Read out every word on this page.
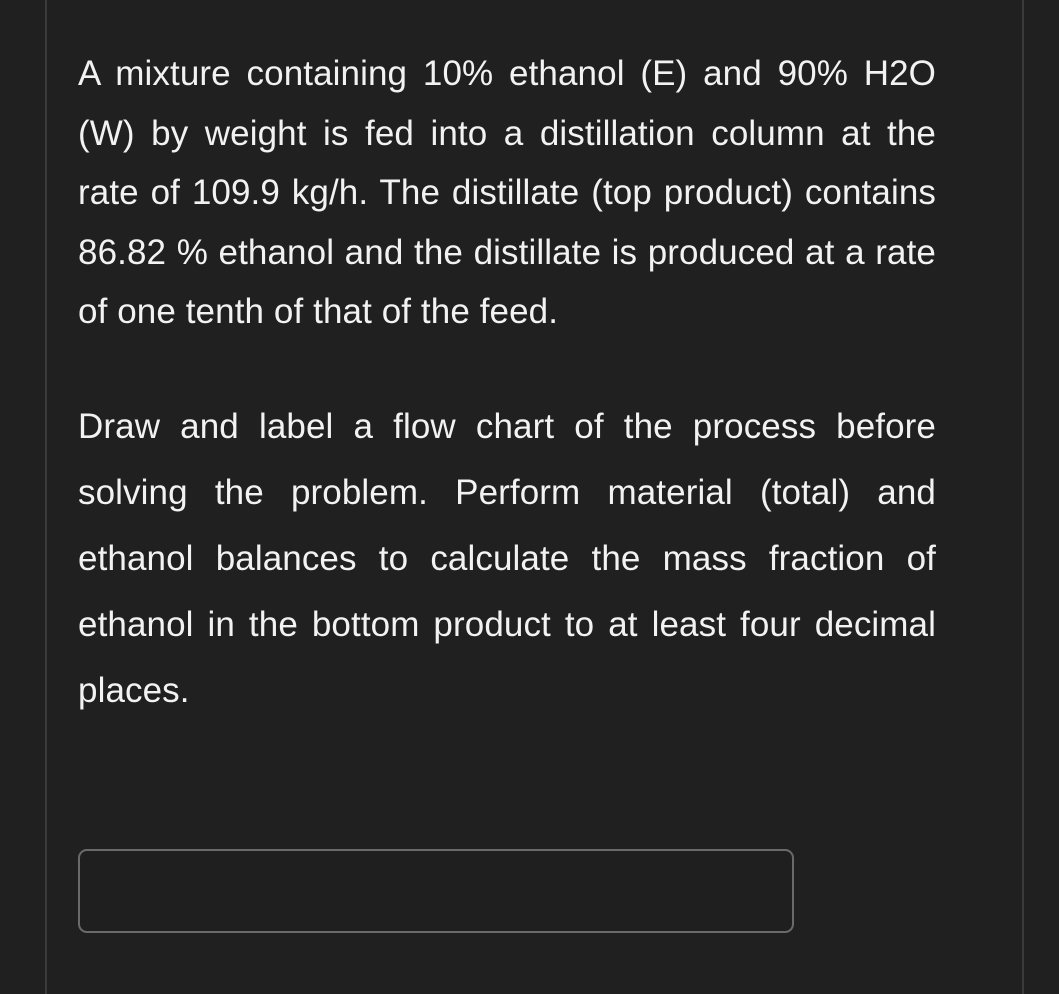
A mixture containing 10% ethanol (E) and 90% H2O (W) by weight is fed into a distillation column at the rate of 109.9 kg/h. The distillate (top product) contains 86.82 % ethanol and the distillate is produced at a rate of one tenth of that of the feed.

Draw and label a flow chart of the process before solving the problem. Perform material (total) and ethanol balances to calculate the mass fraction of ethanol in the bottom product to at least four decimal places.
